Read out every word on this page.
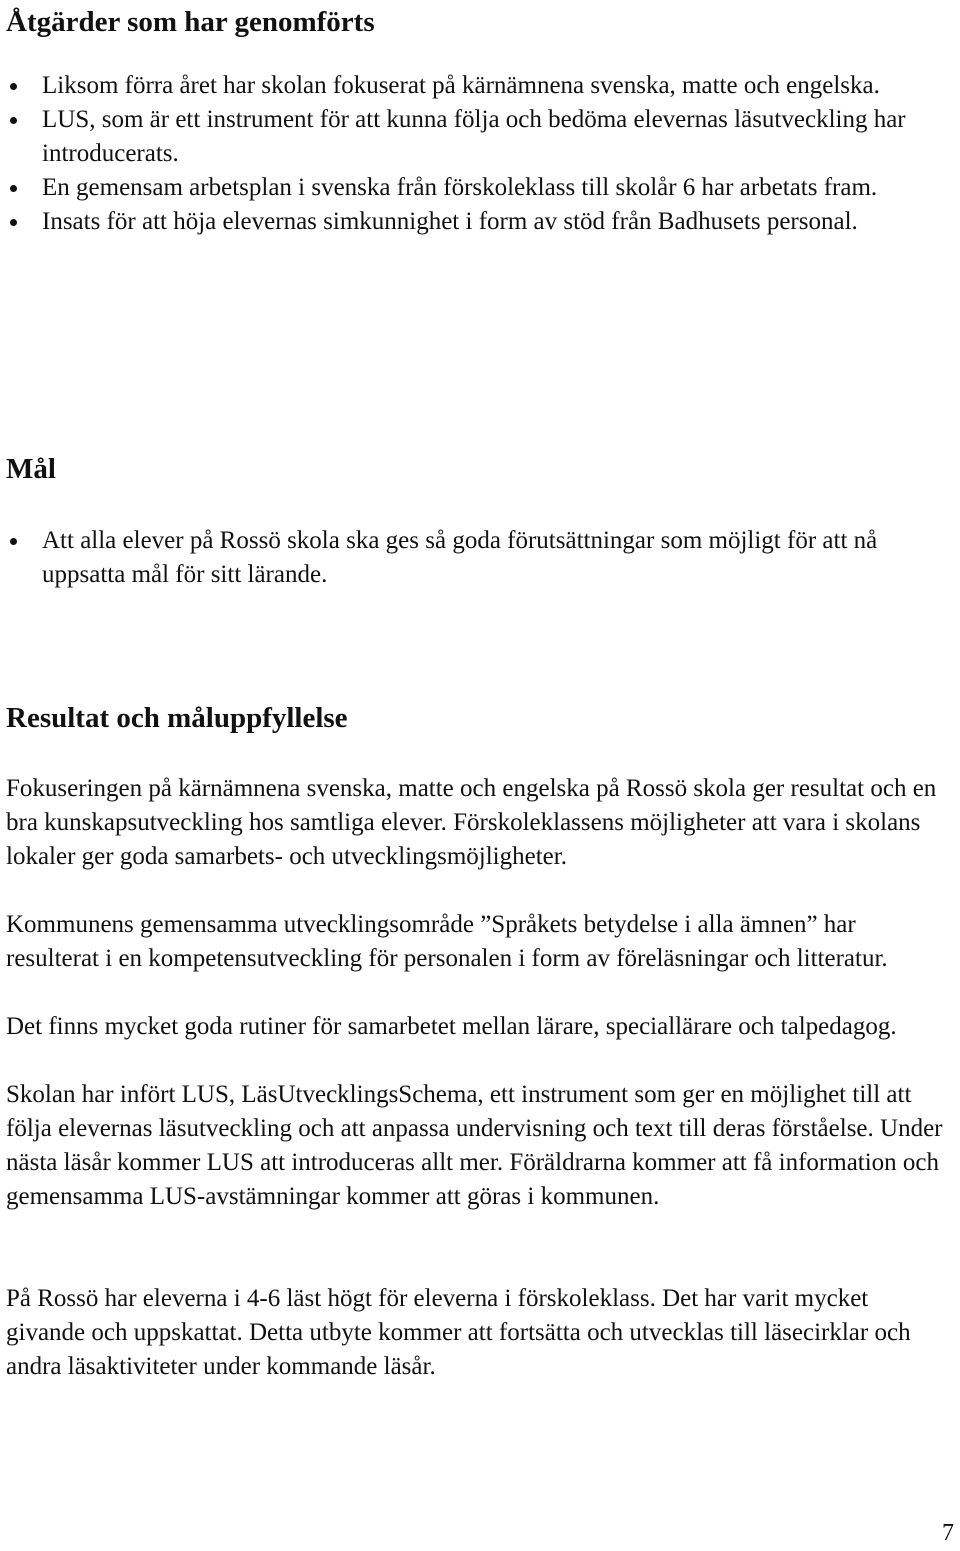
Åtgärder som har genomförts
Liksom förra året har skolan fokuserat på kärnämnena svenska, matte och engelska.
LUS, som är ett instrument för att kunna följa och bedöma elevernas läsutveckling har introducerats.
En gemensam arbetsplan i svenska från förskoleklass till skolår 6 har arbetats fram.
Insats för att höja elevernas simkunnighet i form av stöd från Badhusets personal.
Mål
Att alla elever på Rossö skola ska ges så goda förutsättningar som möjligt för att nå uppsatta mål för sitt lärande.
Resultat och måluppfyllelse

Fokuseringen på kärnämnena svenska, matte och engelska på Rossö skola ger resultat och en bra kunskapsutveckling hos samtliga elever. Förskoleklassens möjligheter att vara i skolans lokaler ger goda samarbets- och utvecklingsmöjligheter.

Kommunens gemensamma utvecklingsområde ”Språkets betydelse i alla ämnen” har resulterat i en kompetensutveckling för personalen i form av föreläsningar och litteratur.

Det finns mycket goda rutiner för samarbetet mellan lärare, speciallärare och talpedagog.

Skolan har infört LUS, LäsUtvecklingsSchema, ett instrument som ger en möjlighet till att följa elevernas läsutveckling och att anpassa undervisning och text till deras förståelse. Under nästa läsår kommer LUS att introduceras allt mer. Föräldrarna kommer att få information och gemensamma LUS-avstämningar kommer att göras i kommunen.

På Rossö har eleverna i 4-6 läst högt för eleverna i förskoleklass. Det har varit mycket givande och uppskattat. Detta utbyte kommer att fortsätta och utvecklas till läsecirklar och andra läsaktiviteter under kommande läsår.

7
